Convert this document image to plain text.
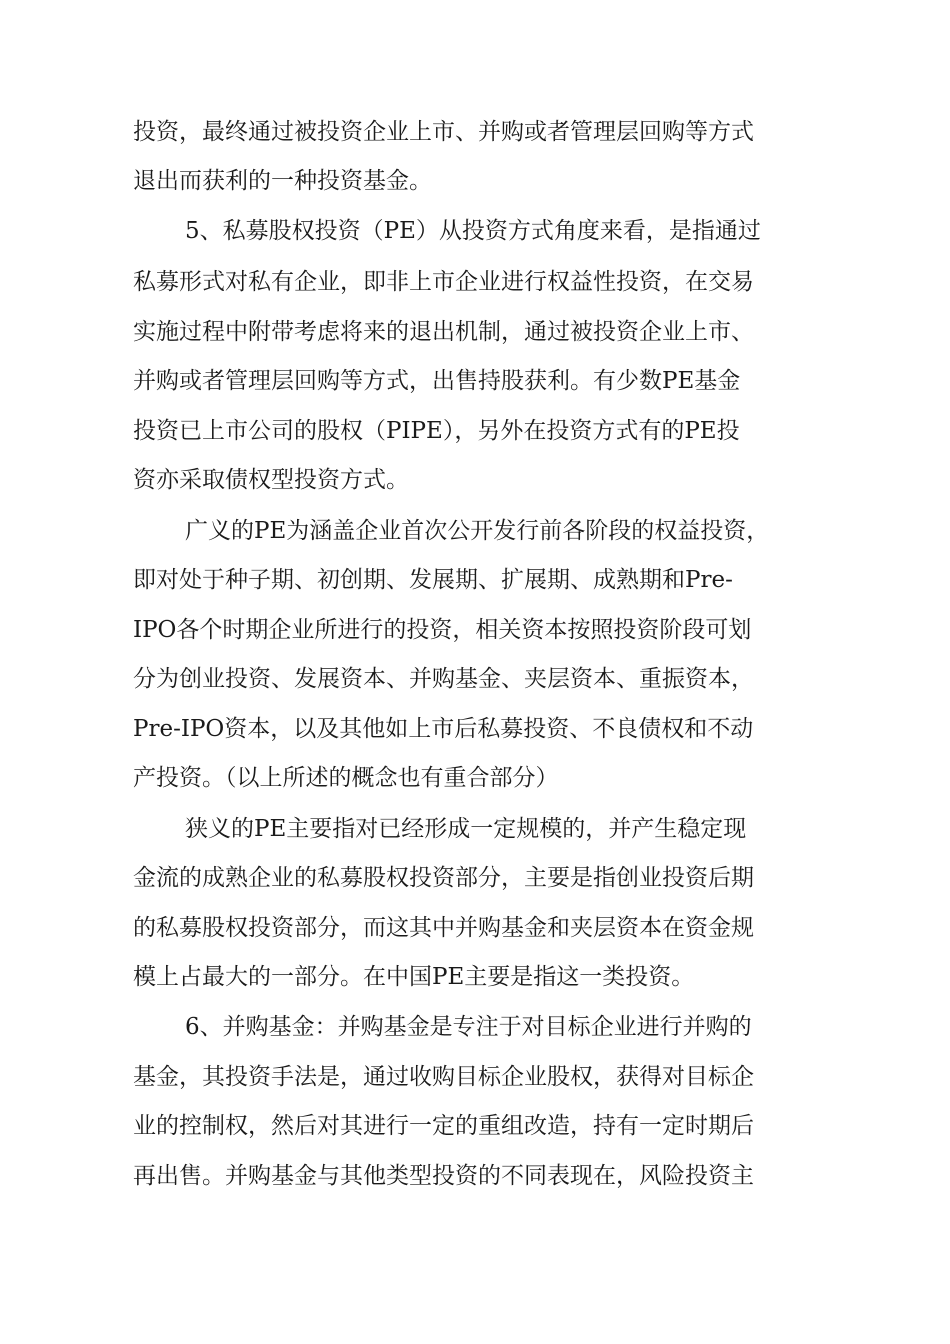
投资，最终通过被投资企业上市、并购或者管理层回购等方式
退出而获利的一种投资基金。
5、私募股权投资（PE）从投资方式角度来看，是指通过
私募形式对私有企业，即非上市企业进行权益性投资，在交易
实施过程中附带考虑将来的退出机制，通过被投资企业上市、
并购或者管理层回购等方式，出售持股获利。有少数PE基金
投资已上市公司的股权（PIPE），另外在投资方式有的PE投
资亦采取债权型投资方式。
广义的PE为涵盖企业首次公开发行前各阶段的权益投资，
即对处于种子期、初创期、发展期、扩展期、成熟期和Pre-
IPO各个时期企业所进行的投资，相关资本按照投资阶段可划
分为创业投资、发展资本、并购基金、夹层资本、重振资本，
Pre-IPO资本，以及其他如上市后私募投资、不良债权和不动
产投资。（以上所述的概念也有重合部分）
狭义的PE主要指对已经形成一定规模的，并产生稳定现
金流的成熟企业的私募股权投资部分，主要是指创业投资后期
的私募股权投资部分，而这其中并购基金和夹层资本在资金规
模上占最大的一部分。在中国PE主要是指这一类投资。
6、并购基金：并购基金是专注于对目标企业进行并购的
基金，其投资手法是，通过收购目标企业股权，获得对目标企
业的控制权，然后对其进行一定的重组改造，持有一定时期后
再出售。并购基金与其他类型投资的不同表现在，风险投资主
